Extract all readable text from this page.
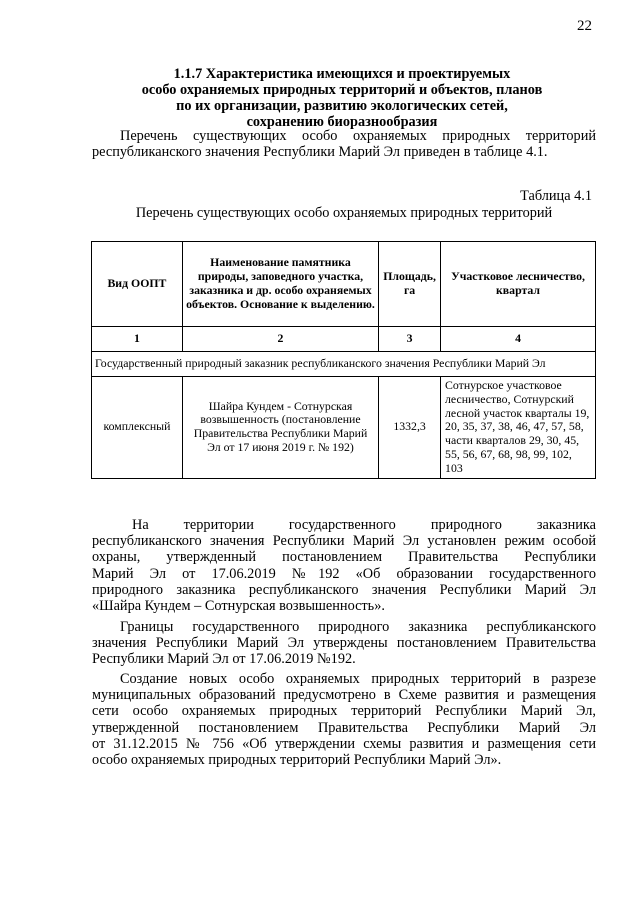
22
1.1.7 Характеристика имеющихся и проектируемых
особо охраняемых природных территорий и объектов, планов
по их организации, развитию экологических сетей,
сохранению биоразнообразия
Перечень существующих особо охраняемых природных территорий
республиканского значения Республики Марий Эл приведен в таблице 4.1.
Таблица 4.1
Перечень существующих особо охраняемых природных территорий
Вид ООПТ	Наименование памятника природы, заповедного участка, заказника и др. особо охраняемых объектов. Основание к выделению.	Площадь, га	Участковое лесничество, квартал
1	2	3	4
Государственный природный заказник республиканского значения Республики Марий Эл			
комплексный	Шайра Кундем - Сотнурская возвышенность (постановление Правительства Республики Марий Эл от 17 июня 2019 г. № 192)	1332,3	Сотнурское участковое лесничество, Сотнурский лесной участок кварталы 19, 20, 35, 37, 38, 46, 47, 57, 58, части кварталов 29, 30, 45, 55, 56, 67, 68, 98, 99, 102, 103
На территории государственного природного заказника
республиканского значения Республики Марий Эл установлен режим особой
охраны, утвержденный постановлением Правительства Республики
Марий Эл от 17.06.2019 №192 «Об образовании государственного
природного заказника республиканского значения Республики Марий Эл
«Шайра Кундем – Сотнурская возвышенность».
Границы государственного природного заказника республиканского
значения Республики Марий Эл утверждены постановлением Правительства
Республики Марий Эл от 17.06.2019 №192.
Создание новых особо охраняемых природных территорий в разрезе
муниципальных образований предусмотрено в Схеме развития и размещения
сети особо охраняемых природных территорий Республики Марий Эл,
утвержденной постановлением Правительства Республики Марий Эл
от 31.12.2015 № 756 «Об утверждении схемы развития и размещения сети
особо охраняемых природных территорий Республики Марий Эл».
